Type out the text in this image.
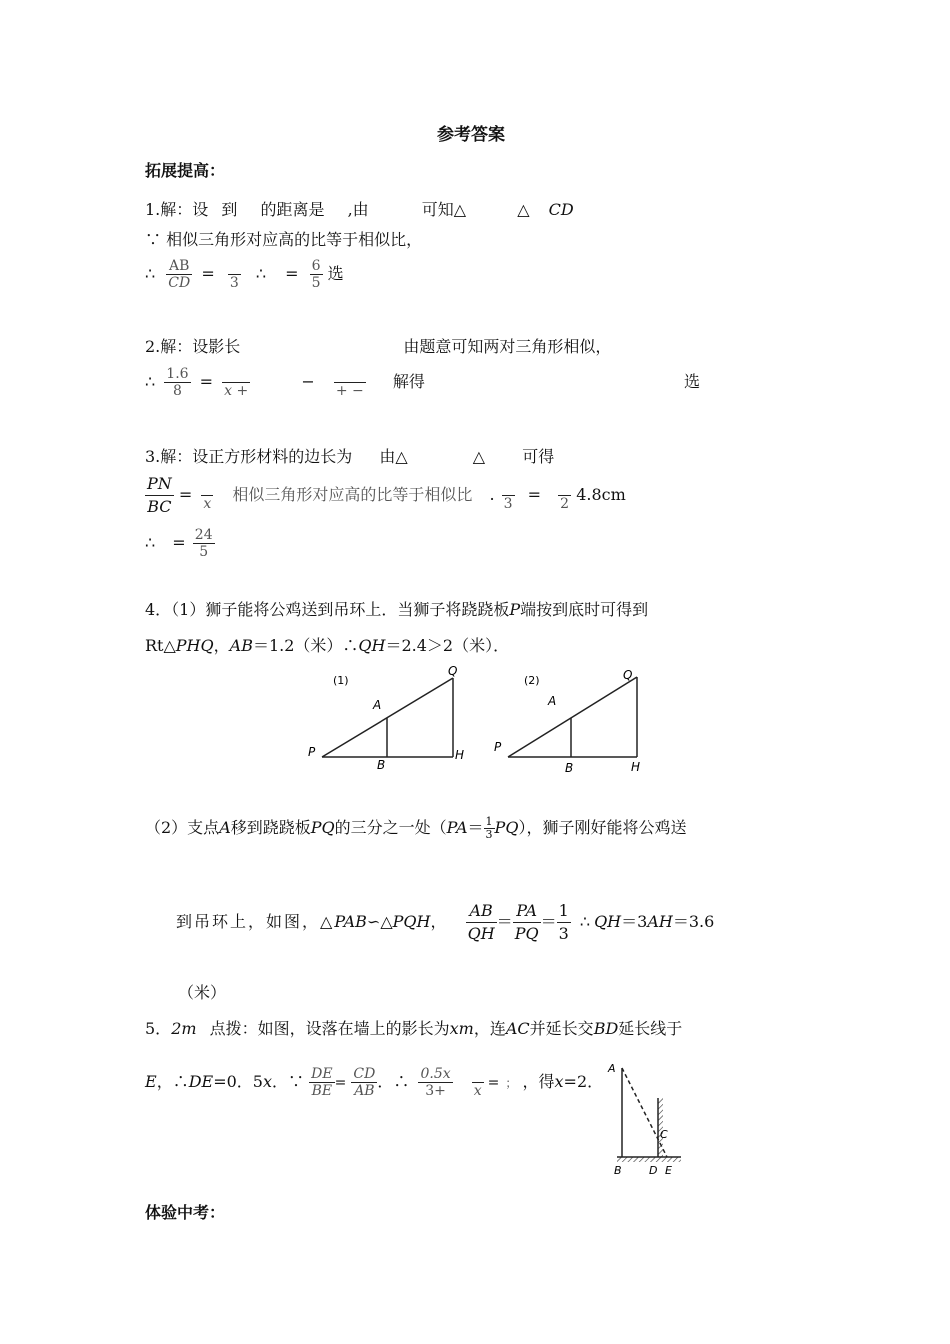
参考答案
拓展提高：
1.解：设 到 的距离是 ,由	可知△	△ CD
∵ 相似三角形对应高的比等于相似比，
∴ $\frac{AB}{CD}$ =
3 ∴ = $\frac{6}{5}$ 选
2.解：设影长	由题意可知两对三角形相似，
∴ $\frac{1.6}{8}$ =
x +	−
+ − 解得	选
3.解：设正方形材料的边长为 由△	△ 可得
$\frac{PN}{BC}$ =
x 相似三角形对应高的比等于相似比 .
3 =
2 4.8cm
∴ = $\frac{24}{5}$
4．（1）狮子能将公鸡送到吊环上．当狮子将跷跷板P端按到底时可得到
Rt△PHQ，AB＝1.2（米）∴QH＝2.4＞2（米）．
(1)
P
A
B
Q
H
(2)
P
A
B
Q
H
（2）支点A移到跷跷板PQ的三分之一处$(PA= \frac{1}{3} PQ)$，狮子刚好能将公鸡送
到吊环上，如图，△PAB∽△PQH， $\frac{AB}{QH} = \frac{PA}{PQ} = \frac{1}{3}$ ∴ QH＝3AH＝3.6
（米）
5．2m 点拨：如图，设落在墙上的影长为xm，连AC并延长交BD延长线于
E，∴DE=0．5x．∵ $\frac{DE}{BE} = \frac{CD}{AB}$ ．∴ $\frac{0.5x}{3+}$

x = ； ，得x=2．
A
B
C
D E
体验中考：
